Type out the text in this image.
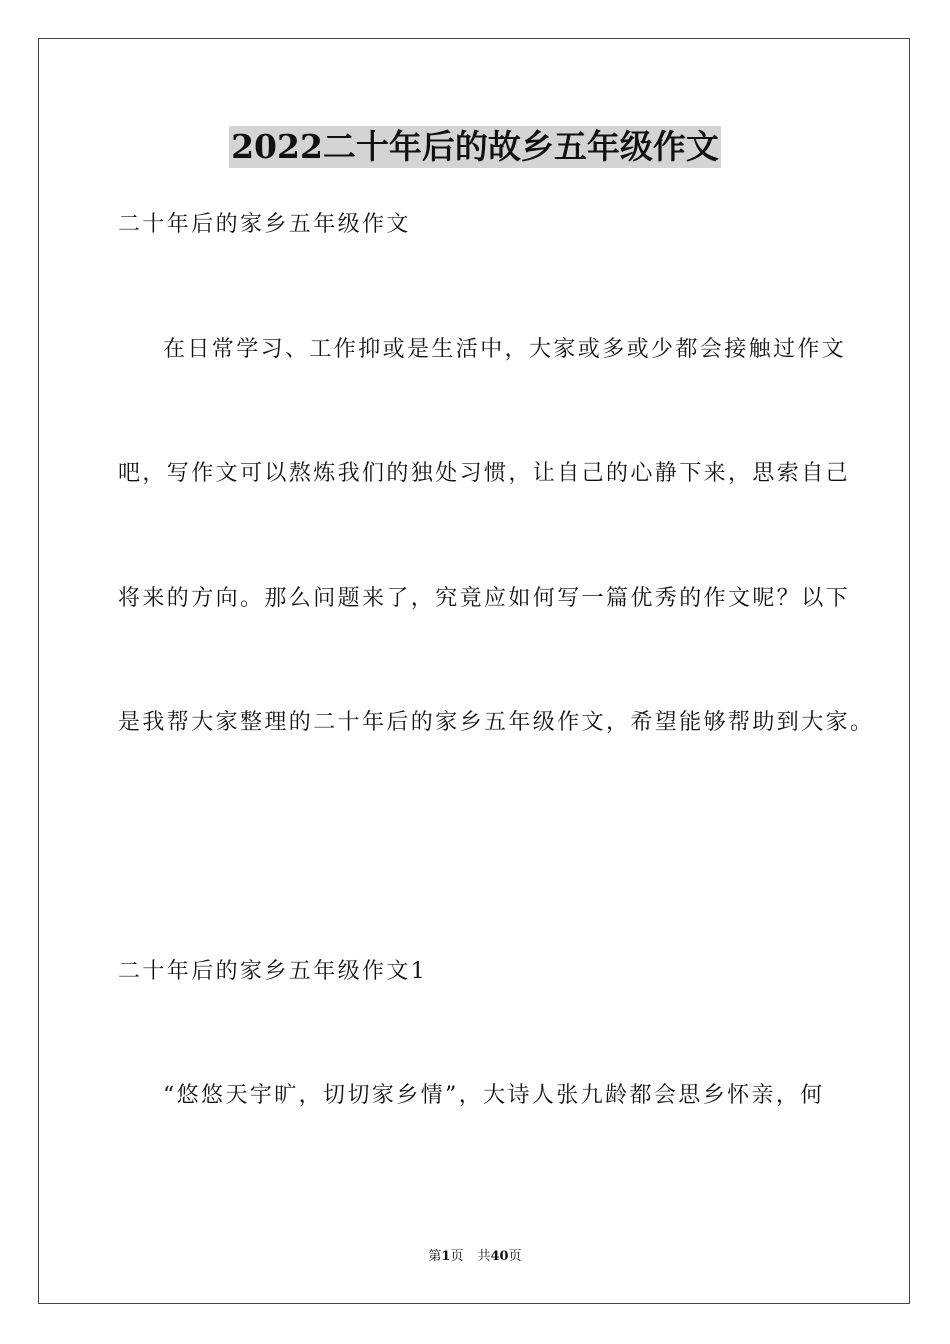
2022二十年后的故乡五年级作文
二十年后的家乡五年级作文
在日常学习、工作抑或是生活中，大家或多或少都会接触过作文
吧，写作文可以熬炼我们的独处习惯，让自己的心静下来，思索自己
将来的方向。那么问题来了，究竟应如何写一篇优秀的作文呢？以下
是我帮大家整理的二十年后的家乡五年级作文，希望能够帮助到大家。
二十年后的家乡五年级作文1
“悠悠天宇旷，切切家乡情”，大诗人张九龄都会思乡怀亲，何
第1页 共40页
